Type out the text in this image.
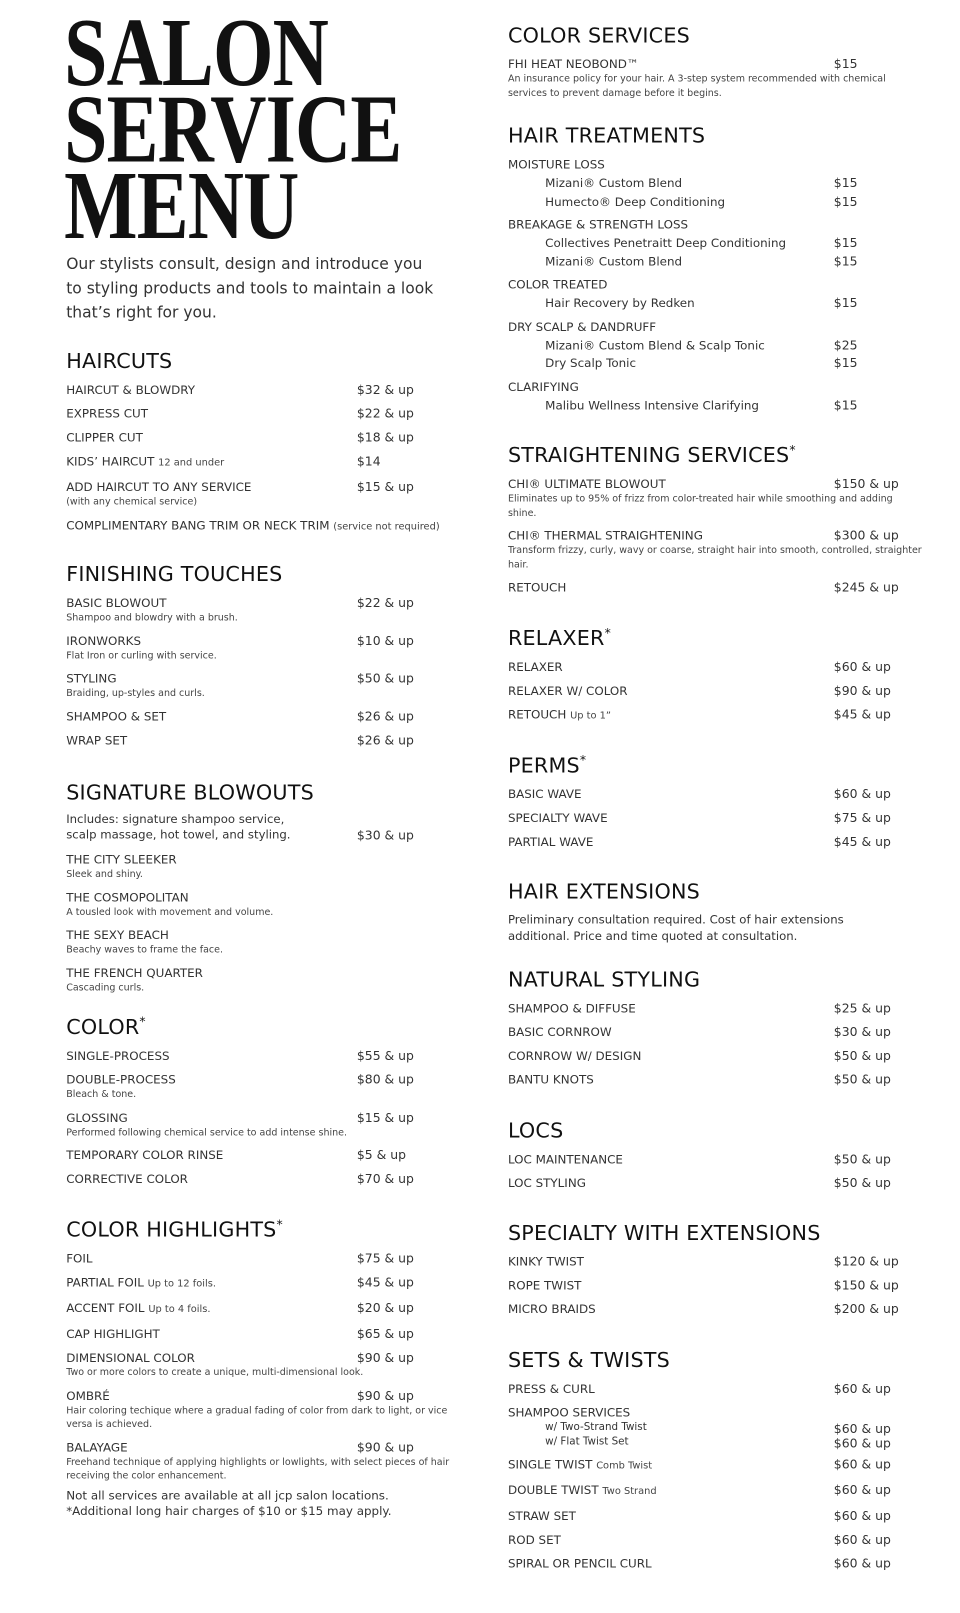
SALON
SERVICE
MENU
Our stylists consult, design and introduce you to styling products and tools to maintain a look that’s right for you.
HAIRCUTS
HAIRCUT & BLOWDRY	$32 & up
EXPRESS CUT	$22 & up
CLIPPER CUT	$18 & up
KIDS’ HAIRCUT 12 and under	$14
ADD HAIRCUT TO ANY SERVICE	$15 & up
(with any chemical service)
COMPLIMENTARY BANG TRIM OR NECK TRIM (service not required)
FINISHING TOUCHES
BASIC BLOWOUT	$22 & up
Shampoo and blowdry with a brush.
IRONWORKS	$10 & up
Flat Iron or curling with service.
STYLING	$50 & up
Braiding, up-styles and curls.
SHAMPOO & SET	$26 & up
WRAP SET	$26 & up
SIGNATURE BLOWOUTS
Includes: signature shampoo service, scalp massage, hot towel, and styling.	$30 & up
THE CITY SLEEKER
Sleek and shiny.
THE COSMOPOLITAN
A tousled look with movement and volume.
THE SEXY BEACH
Beachy waves to frame the face.
THE FRENCH QUARTER
Cascading curls.
COLOR*
SINGLE-PROCESS	$55 & up
DOUBLE-PROCESS	$80 & up
Bleach & tone.
GLOSSING	$15 & up
Performed following chemical service to add intense shine.
TEMPORARY COLOR RINSE	$5 & up
CORRECTIVE COLOR	$70 & up
COLOR HIGHLIGHTS*
FOIL	$75 & up
PARTIAL FOIL Up to 12 foils.	$45 & up
ACCENT FOIL Up to 4 foils.	$20 & up
CAP HIGHLIGHT	$65 & up
DIMENSIONAL COLOR	$90 & up
Two or more colors to create a unique, multi-dimensional look.
OMBRÉ	$90 & up
Hair coloring techique where a gradual fading of color from dark to light, or vice versa is achieved.
BALAYAGE	$90 & up
Freehand technique of applying highlights or lowlights, with select pieces of hair receiving the color enhancement.
COLOR SERVICES
FHI HEAT NEOBOND™	$15
An insurance policy for your hair. A 3-step system recommended with chemical services to prevent damage before it begins.
HAIR TREATMENTS
MOISTURE LOSS
Mizani® Custom Blend	$15
Humecto® Deep Conditioning	$15
BREAKAGE & STRENGTH LOSS
Collectives Penetraitt Deep Conditioning	$15
Mizani® Custom Blend	$15
COLOR TREATED
Hair Recovery by Redken	$15
DRY SCALP & DANDRUFF
Mizani® Custom Blend & Scalp Tonic	$25
Dry Scalp Tonic	$15
CLARIFYING
Malibu Wellness Intensive Clarifying	$15
STRAIGHTENING SERVICES*
CHI® ULTIMATE BLOWOUT	$150 & up
Eliminates up to 95% of frizz from color-treated hair while smoothing and adding shine.
CHI® THERMAL STRAIGHTENING	$300 & up
Transform frizzy, curly, wavy or coarse, straight hair into smooth, controlled, straighter hair.
RETOUCH	$245 & up
RELAXER*
RELAXER	$60 & up
RELAXER W/ COLOR	$90 & up
RETOUCH Up to 1”	$45 & up
PERMS*
BASIC WAVE	$60 & up
SPECIALTY WAVE	$75 & up
PARTIAL WAVE	$45 & up
HAIR EXTENSIONS
Preliminary consultation required. Cost of hair extensions additional. Price and time quoted at consultation.
NATURAL STYLING
SHAMPOO & DIFFUSE	$25 & up
BASIC CORNROW	$30 & up
CORNROW W/ DESIGN	$50 & up
BANTU KNOTS	$50 & up
LOCS
LOC MAINTENANCE	$50 & up
LOC STYLING	$50 & up
SPECIALTY WITH EXTENSIONS
KINKY TWIST	$120 & up
ROPE TWIST	$150 & up
MICRO BRAIDS	$200 & up
SETS & TWISTS
PRESS & CURL	$60 & up
SHAMPOO SERVICES
w/ Two-Strand Twist	$60 & up
w/ Flat Twist Set	$60 & up
SINGLE TWIST Comb Twist	$60 & up
DOUBLE TWIST Two Strand	$60 & up
STRAW SET	$60 & up
ROD SET	$60 & up
SPIRAL OR PENCIL CURL	$60 & up
Not all services are available at all jcp salon locations.
*Additional long hair charges of $10 or $15 may apply.
